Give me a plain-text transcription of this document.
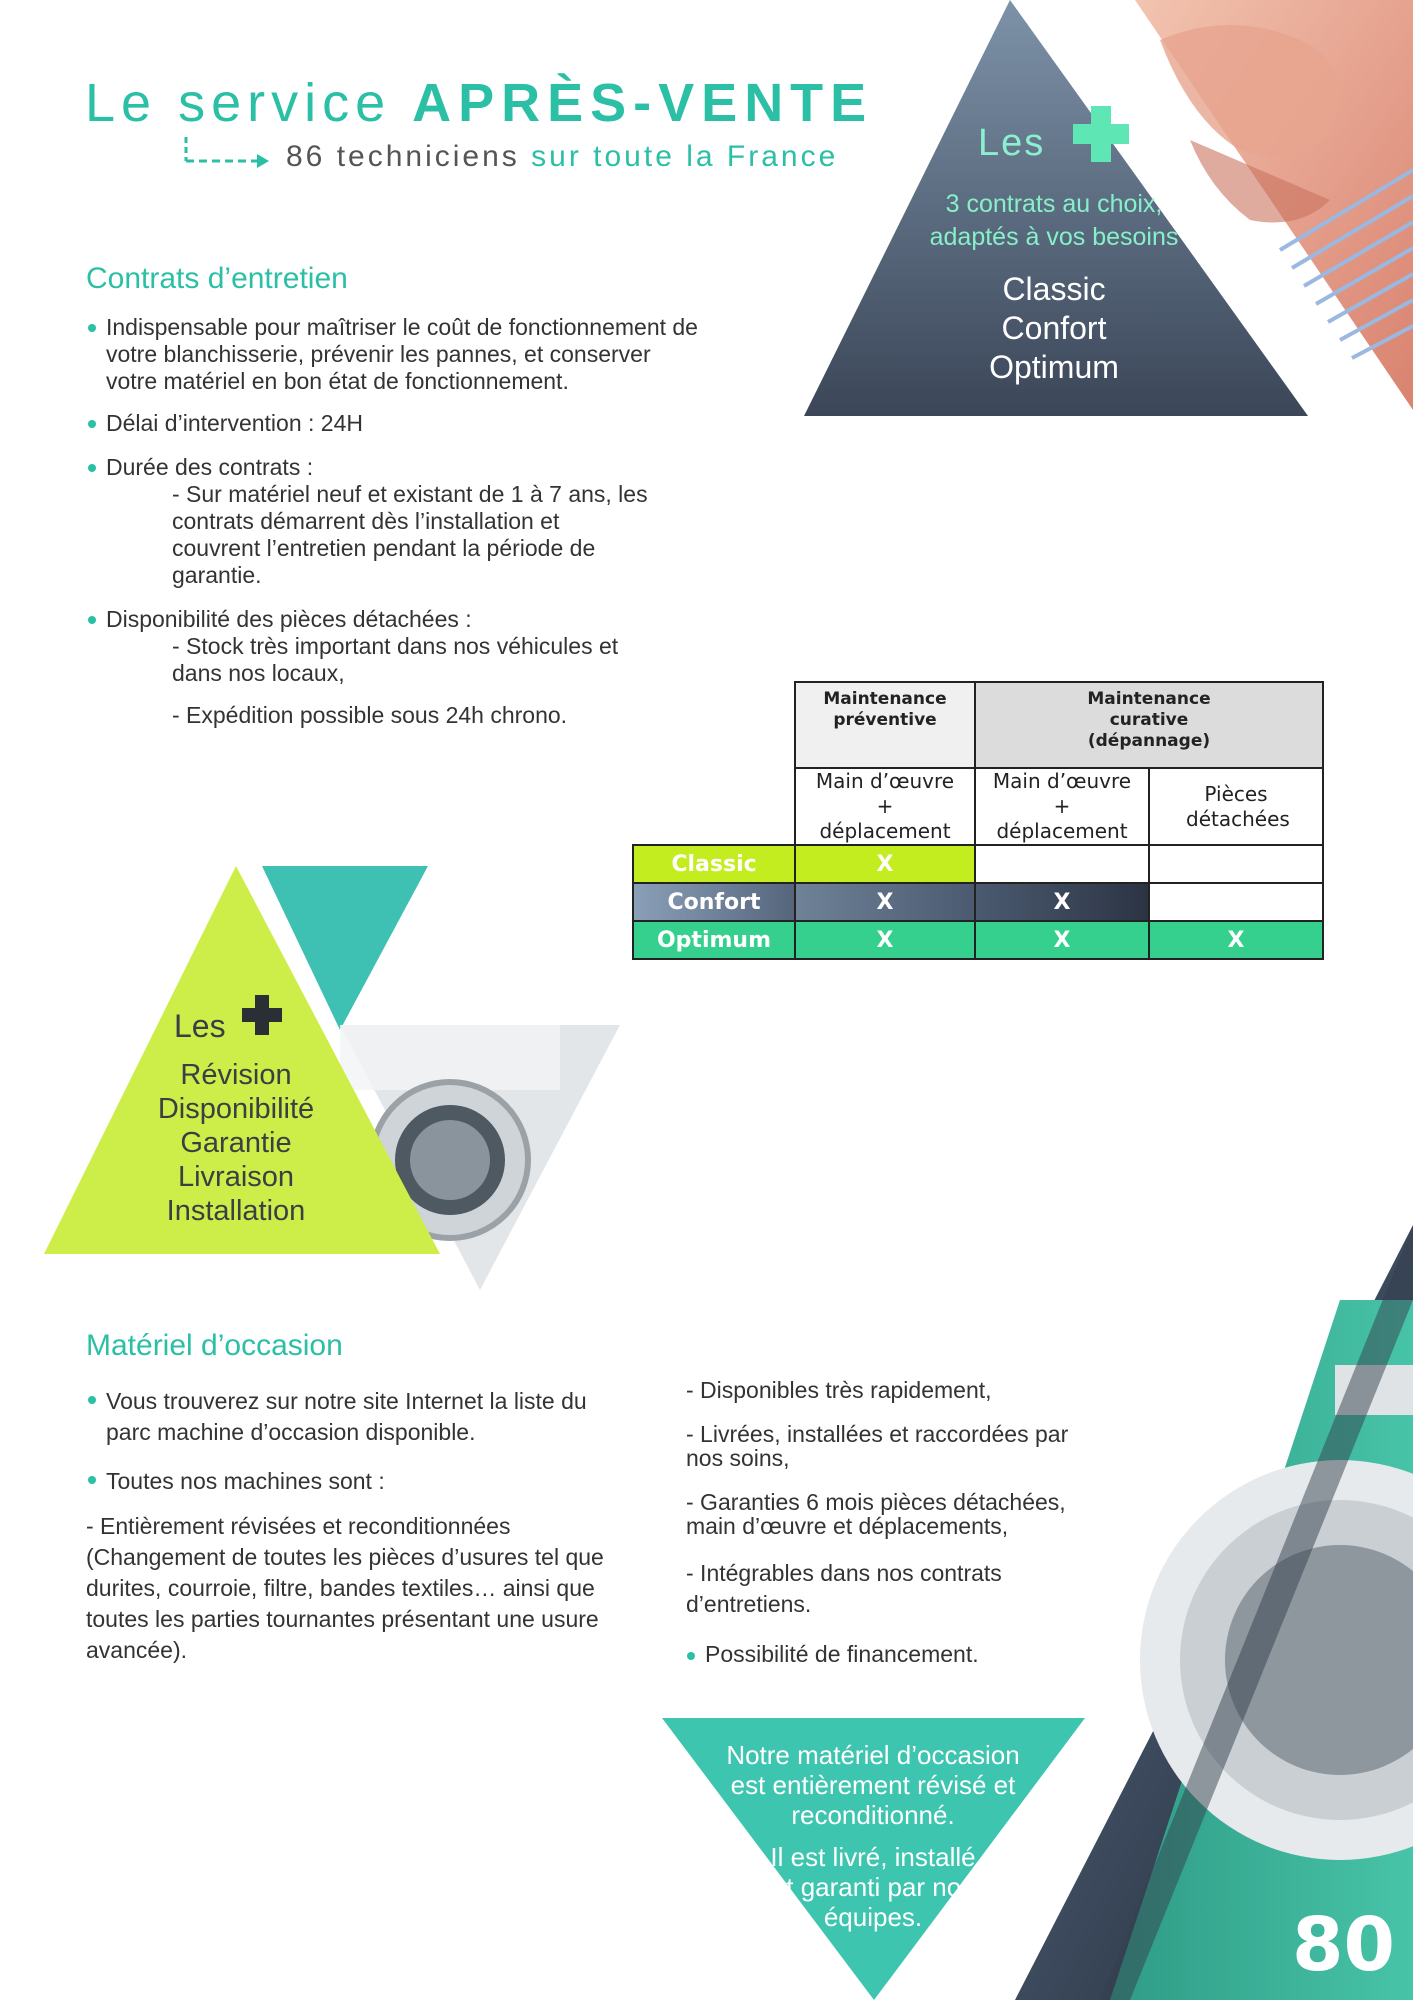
Le service APRÈS-VENTE
86 techniciens sur toute la France	Les
3 contrats au choix,
adaptés à vos besoins
Classic
Confort
Optimum
Contrats d’entretien
Indispensable pour maîtriser le coût de fonctionnement de votre blanchisserie, prévenir les pannes, et conserver votre matériel en bon état de fonctionnement.
Délai d’intervention : 24H
Durée des contrats :
- Sur matériel neuf et existant de 1 à 7 ans, les contrats démarrent dès l’installation et couvrent l’entretien pendant la période de garantie.
Disponibilité des pièces détachées :
- Stock très important dans nos véhicules et dans nos locaux,
- Expédition possible sous 24h chrono.
	Maintenance préventive	Maintenance curative (dépannage)	

	Main d’œuvre + déplacement	Main d’œuvre + déplacement	Pièces détachées

Classic	X		
Confort	X	X	
Optimum	X	X	X
Les
Révision
Disponibilité
Garantie
Livraison
Installation
Matériel d’occasion
Vous trouverez sur notre site Internet la liste du parc machine d’occasion disponible.
Toutes nos machines sont :
- Entièrement révisées et reconditionnées (Changement de toutes les pièces d’usures tel que durites, courroie, filtre, bandes textiles… ainsi que toutes les parties tournantes présentant une usure avancée).
- Disponibles très rapidement,
- Livrées, installées et raccordées par nos soins,
- Garanties 6 mois pièces détachées, main d’œuvre et déplacements,
- Intégrables dans nos contrats d’entretiens.
Possibilité de financement.
Notre matériel d’occasion est entièrement révisé et reconditionné.
Il est livré, installé et garanti par nos équipes.	80
